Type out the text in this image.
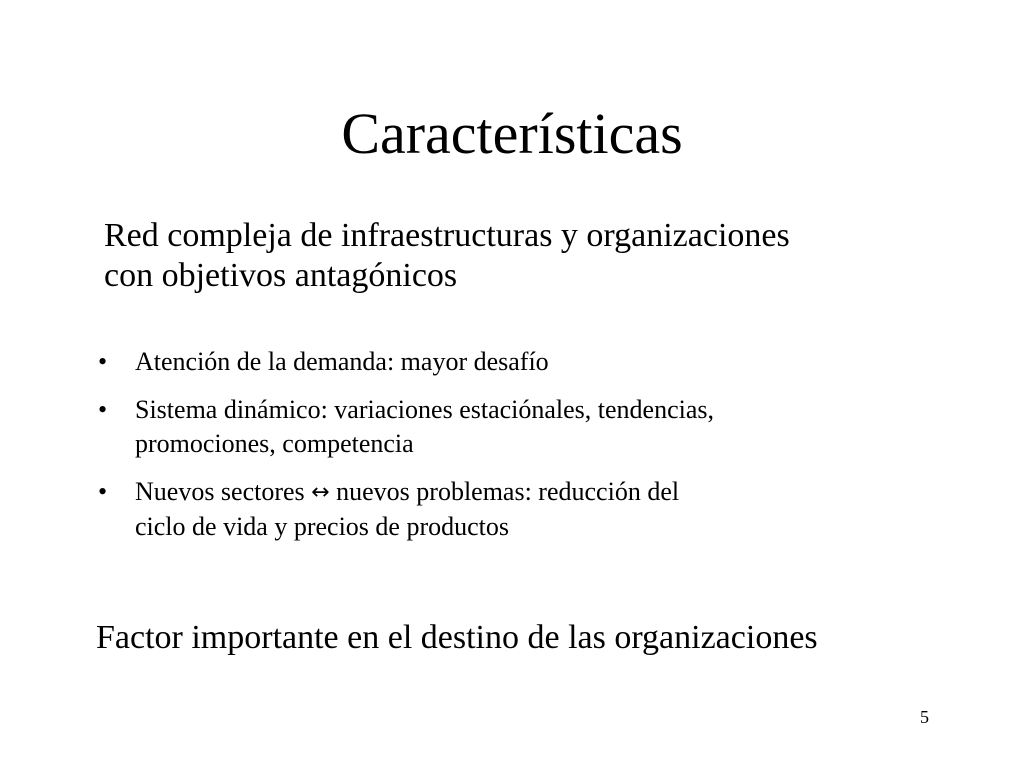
Características
Red compleja de infraestructuras y organizaciones
con objetivos antagónicos
• Atención de la demanda: mayor desafío
• Sistema dinámico: variaciones estaciónales, tendencias,
promociones, competencia
• Nuevos sectores ↔ nuevos problemas: reducción del
ciclo de vida y precios de productos
Factor importante en el destino de las organizaciones
5
